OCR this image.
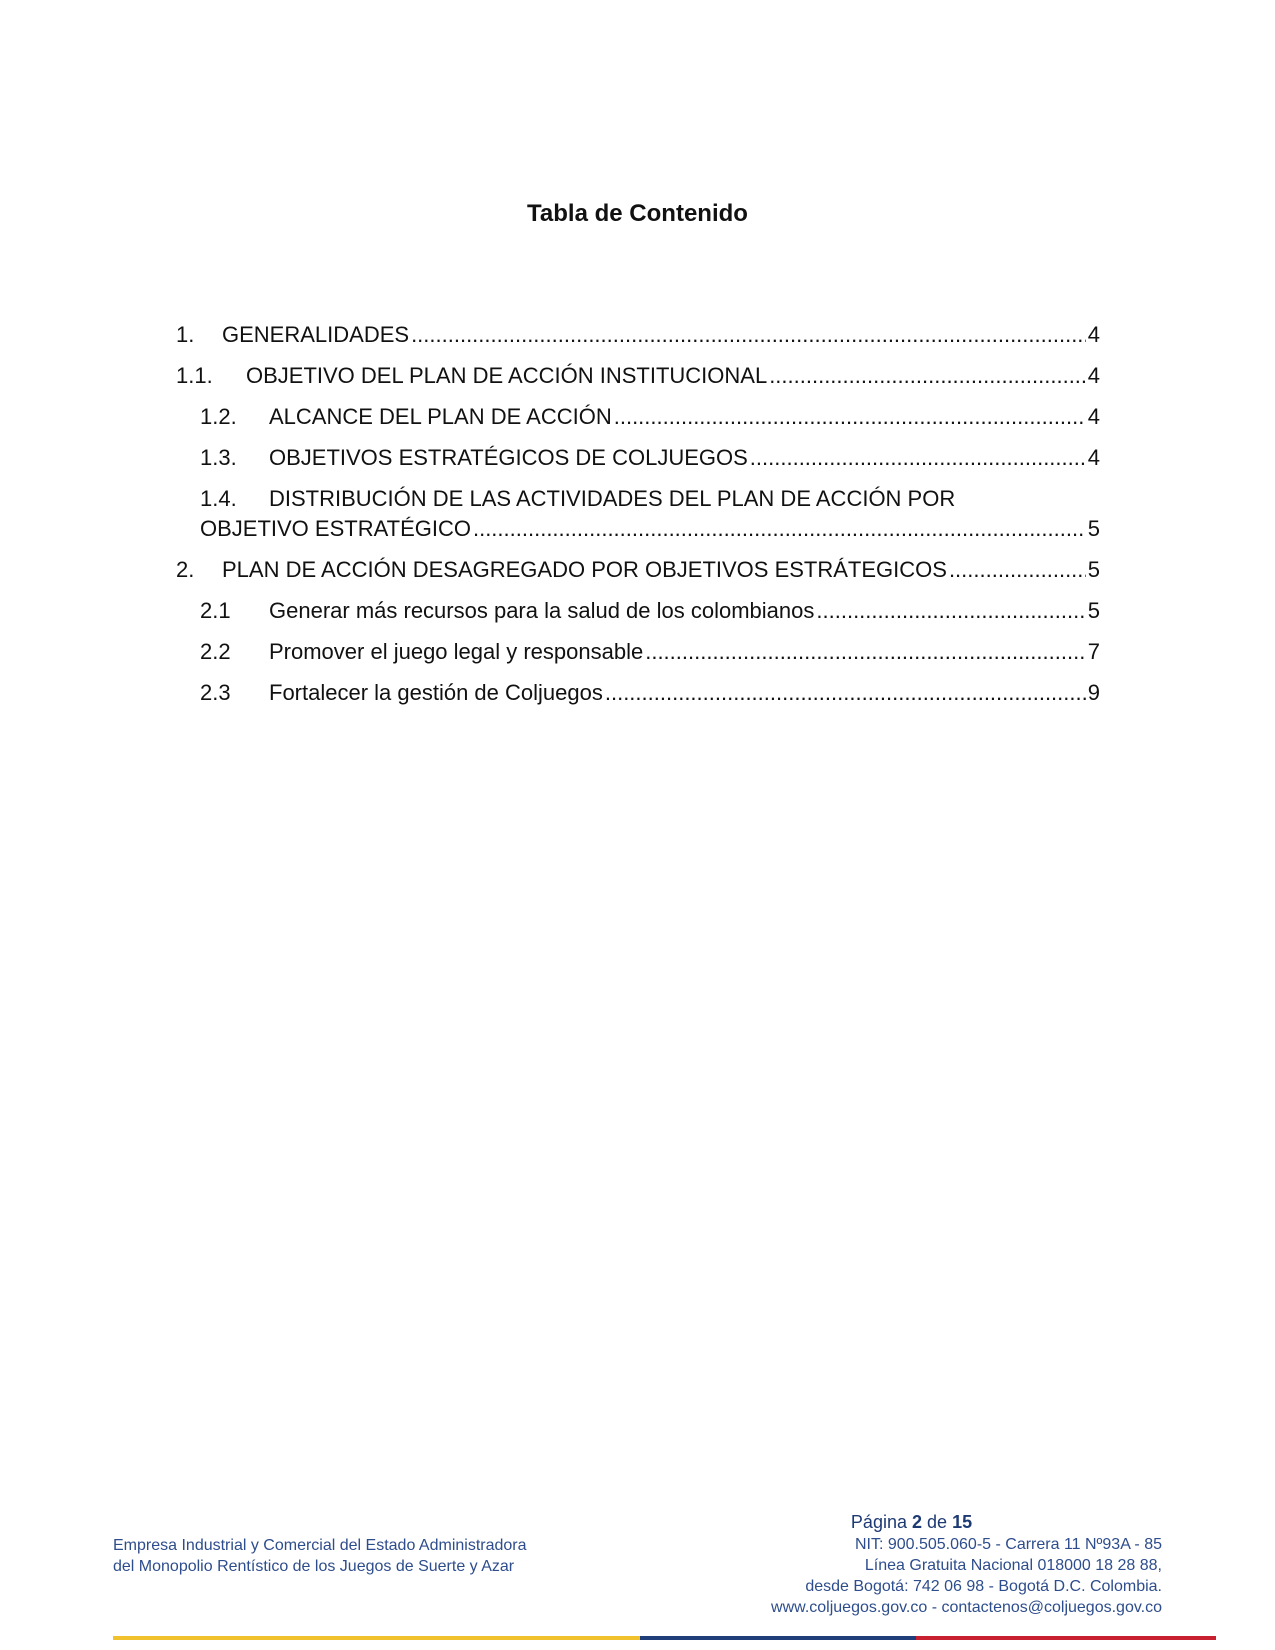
Tabla de Contenido
1.	GENERALIDADES .....	4
1.1.	OBJETIVO DEL PLAN DE ACCIÓN INSTITUCIONAL .....	4
1.2.	ALCANCE DEL PLAN DE ACCIÓN .....	4
1.3.	OBJETIVOS ESTRATÉGICOS DE COLJUEGOS .....	4
1.4.	DISTRIBUCIÓN DE LAS ACTIVIDADES DEL PLAN DE ACCIÓN POR
OBJETIVO ESTRATÉGICO .....	5
2.	PLAN DE ACCIÓN DESAGREGADO POR OBJETIVOS ESTRÁTEGICOS .....	5
2.1	Generar más recursos para la salud de los colombianos .....	5
2.2	Promover el juego legal y responsable .....	7
2.3	Fortalecer la gestión de Coljuegos .....	9
Empresa Industrial y Comercial del Estado Administradora
del Monopolio Rentístico de los Juegos de Suerte y Azar
Página 2 de 15
NIT: 900.505.060-5 - Carrera 11 Nº93A - 85
Línea Gratuita Nacional 018000 18 28 88,
desde Bogotá: 742 06 98 - Bogotá D.C. Colombia.
www.coljuegos.gov.co - contactenos@coljuegos.gov.co
